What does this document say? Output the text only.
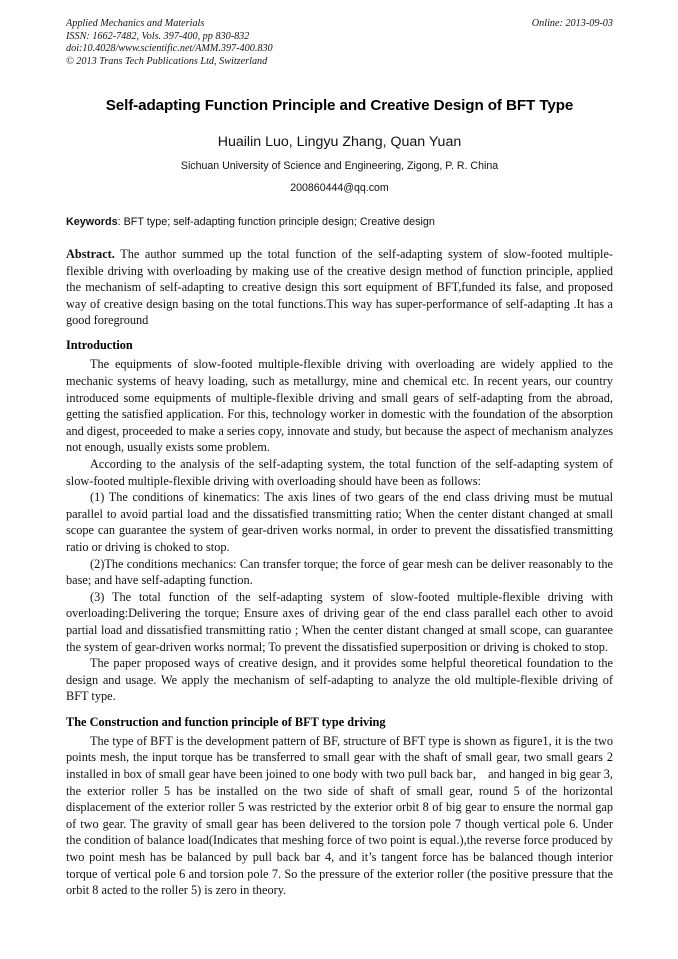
Applied Mechanics and Materials
ISSN: 1662-7482, Vols. 397-400, pp 830-832
doi:10.4028/www.scientific.net/AMM.397-400.830
© 2013 Trans Tech Publications Ltd, Switzerland
Online: 2013-09-03
Self-adapting Function Principle and Creative Design of BFT Type
Huailin Luo, Lingyu Zhang, Quan Yuan
Sichuan University of Science and Engineering, Zigong, P. R. China
200860444@qq.com
Keywords: BFT type; self-adapting function principle design; Creative design
Abstract. The author summed up the total function of the self-adapting system of slow-footed multiple-flexible driving with overloading by making use of the creative design method of function principle, applied the mechanism of self-adapting to creative design this sort equipment of BFT,funded its false, and proposed way of creative design basing on the total functions.This way has super-performance of self-adapting .It has a good foreground
Introduction

The equipments of slow-footed multiple-flexible driving with overloading are widely applied to the mechanic systems of heavy loading, such as metallurgy, mine and chemical etc. In recent years, our country introduced some equipments of multiple-flexible driving and small gears of self-adapting from the abroad, getting the satisfied application. For this, technology worker in domestic with the foundation of the absorption and digest, proceeded to make a series copy, innovate and study, but because the aspect of mechanism analyzes not enough, usually exists some problem.

According to the analysis of the self-adapting system, the total function of the self-adapting system of slow-footed multiple-flexible driving with overloading should have been as follows:

(1) The conditions of kinematics: The axis lines of two gears of the end class driving must be mutual parallel to avoid partial load and the dissatisfied transmitting ratio; When the center distant changed at small scope can guarantee the system of gear-driven works normal, in order to prevent the dissatisfied transmitting ratio or driving is choked to stop.

(2)The conditions mechanics: Can transfer torque; the force of gear mesh can be deliver reasonably to the base; and have self-adapting function.

(3) The total function of the self-adapting system of slow-footed multiple-flexible driving with overloading:Delivering the torque; Ensure axes of driving gear of the end class parallel each other to avoid partial load and dissatisfied transmitting ratio ; When the center distant changed at small scope, can guarantee the system of gear-driven works normal; To prevent the dissatisfied superposition or driving is choked to stop.

The paper proposed ways of creative design, and it provides some helpful theoretical foundation to the design and usage. We apply the mechanism of self-adapting to analyze the old multiple-flexible driving of BFT type.

The Construction and function principle of BFT type driving

The type of BFT is the development pattern of BF, structure of BFT type is shown as figure1, it is the two points mesh, the input torque has be transferred to small gear with the shaft of small gear, two small gears 2 installed in box of small gear have been joined to one body with two pull back bar， and hanged in big gear 3, the exterior roller 5 has be installed on the two side of shaft of small gear, round 5 of the horizontal displacement of the exterior roller 5 was restricted by the exterior orbit 8 of big gear to ensure the normal gap of two gear. The gravity of small gear has been delivered to the torsion pole 7 though vertical pole 6. Under the condition of balance load(Indicates that meshing force of two point is equal.),the reverse force produced by two point mesh has be balanced by pull back bar 4, and it’s tangent force has be balanced though interior torque of vertical pole 6 and torsion pole 7. So the pressure of the exterior roller (the positive pressure that the orbit 8 acted to the roller 5) is zero in theory.
